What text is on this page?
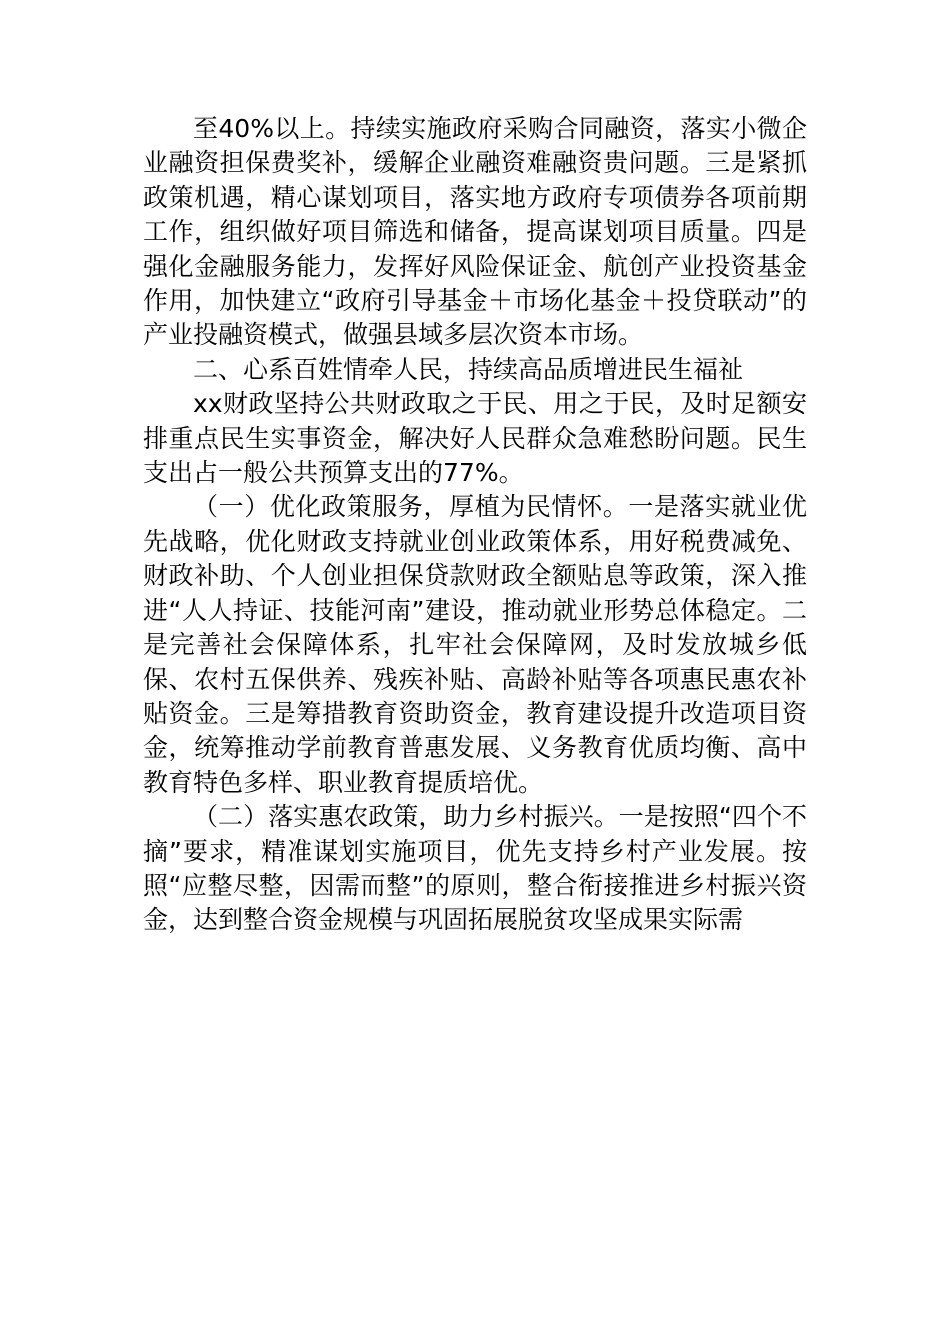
至40%以上。持续实施政府采购合同融资，落实小微企业融资担保费奖补，缓解企业融资难融资贵问题。三是紧抓政策机遇，精心谋划项目，落实地方政府专项债券各项前期工作，组织做好项目筛选和储备，提高谋划项目质量。四是强化金融服务能力，发挥好风险保证金、航创产业投资基金作用，加快建立“政府引导基金＋市场化基金＋投贷联动”的产业投融资模式，做强县域多层次资本市场。

二、心系百姓情牵人民，持续高品质增进民生福祉

xx财政坚持公共财政取之于民、用之于民，及时足额安排重点民生实事资金，解决好人民群众急难愁盼问题。民生支出占一般公共预算支出的77%。

（一）优化政策服务，厚植为民情怀。一是落实就业优先战略，优化财政支持就业创业政策体系，用好税费减免、财政补助、个人创业担保贷款财政全额贴息等政策，深入推进“人人持证、技能河南”建设，推动就业形势总体稳定。二是完善社会保障体系，扎牢社会保障网，及时发放城乡低保、农村五保供养、残疾补贴、高龄补贴等各项惠民惠农补贴资金。三是筹措教育资助资金，教育建设提升改造项目资金，统筹推动学前教育普惠发展、义务教育优质均衡、高中教育特色多样、职业教育提质培优。

（二）落实惠农政策，助力乡村振兴。一是按照“四个不摘”要求，精准谋划实施项目，优先支持乡村产业发展。按照“应整尽整，因需而整”的原则，整合衔接推进乡村振兴资金，达到整合资金规模与巩固拓展脱贫攻坚成果实际需
